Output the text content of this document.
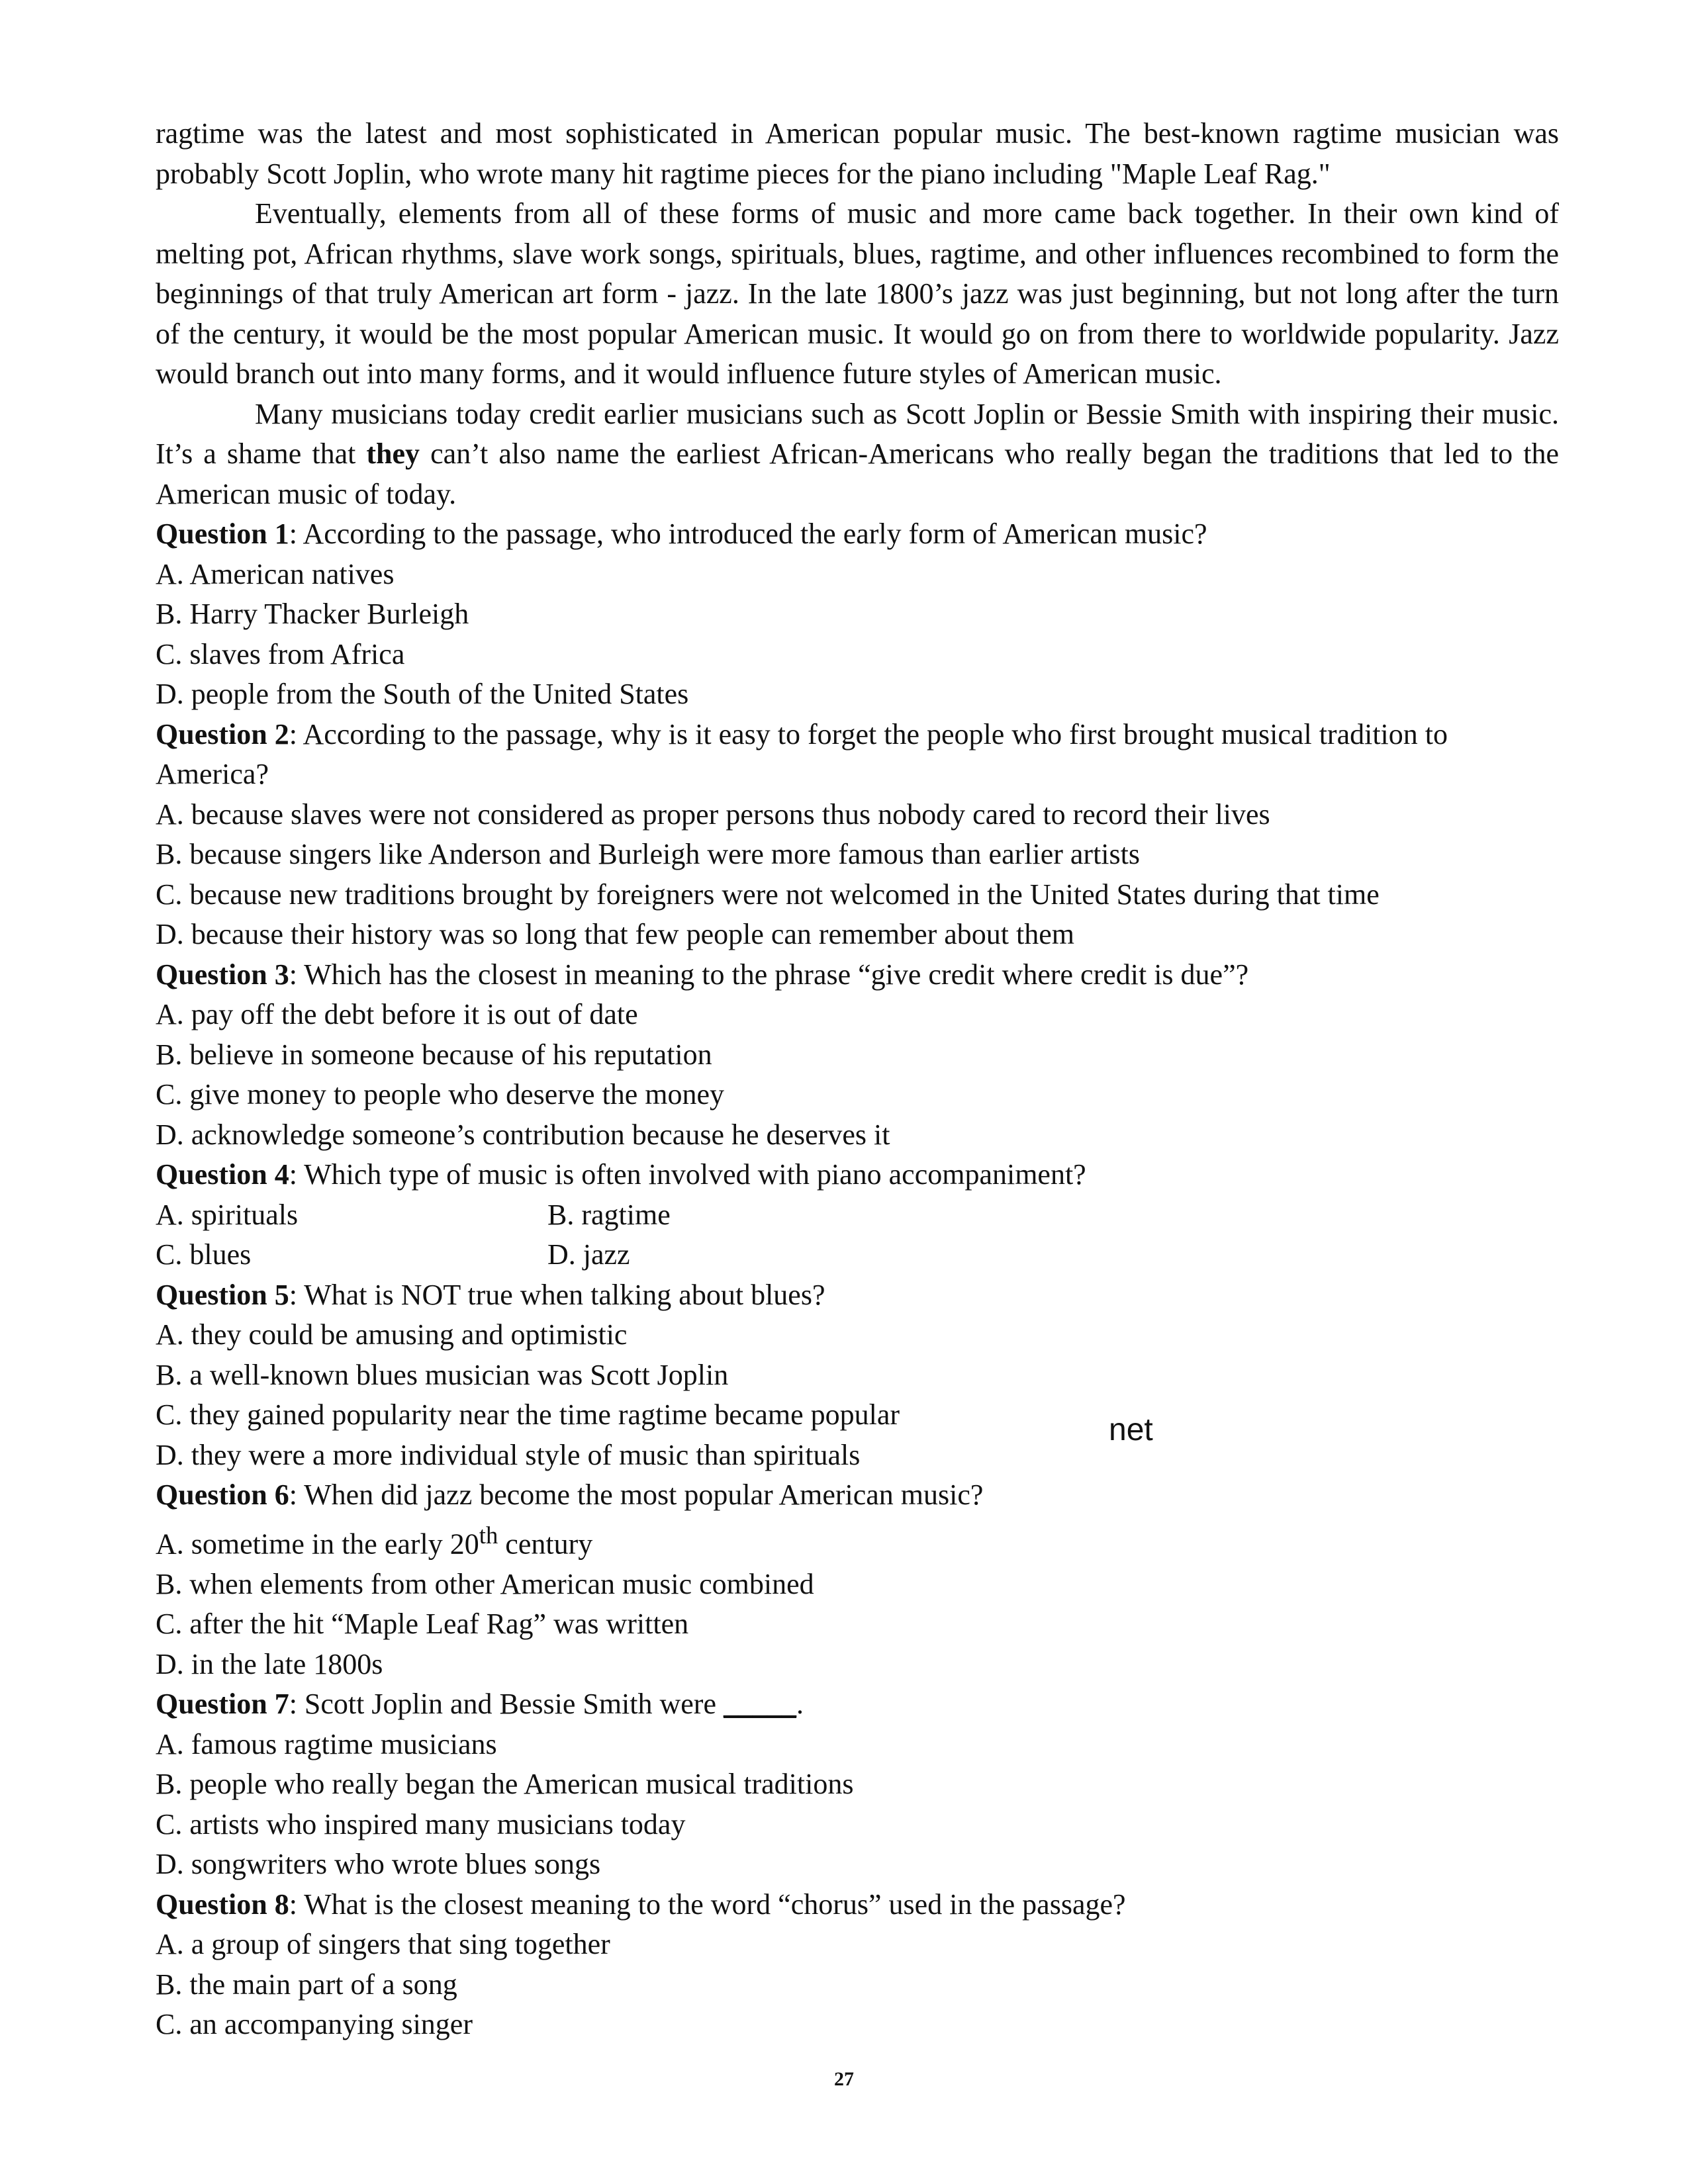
ragtime was the latest and most sophisticated in American popular music. The best-known ragtime musician was probably Scott Joplin, who wrote many hit ragtime pieces for the piano including "Maple Leaf Rag."

Eventually, elements from all of these forms of music and more came back together. In their own kind of melting pot, African rhythms, slave work songs, spirituals, blues, ragtime, and other influences recombined to form the beginnings of that truly American art form - jazz. In the late 1800’s jazz was just beginning, but not long after the turn of the century, it would be the most popular American music. It would go on from there to worldwide popularity. Jazz would branch out into many forms, and it would influence future styles of American music.

Many musicians today credit earlier musicians such as Scott Joplin or Bessie Smith with inspiring their music. It’s a shame that they can’t also name the earliest African-Americans who really began the traditions that led to the American music of today.

Question 1: According to the passage, who introduced the early form of American music?

A. American natives

B. Harry Thacker Burleigh

C. slaves from Africa

D. people from the South of the United States

Question 2: According to the passage, why is it easy to forget the people who first brought musical tradition to America?

A. because slaves were not considered as proper persons thus nobody cared to record their lives

B. because singers like Anderson and Burleigh were more famous than earlier artists

C. because new traditions brought by foreigners were not welcomed in the United States during that time

D. because their history was so long that few people can remember about them

Question 3: Which has the closest in meaning to the phrase “give credit where credit is due”?

A. pay off the debt before it is out of date

B. believe in someone because of his reputation

C. give money to people who deserve the money

D. acknowledge someone’s contribution because he deserves it

Question 4: Which type of music is often involved with piano accompaniment?

A. spirituals	B. ragtime
C. blues	D. jazz

Question 5: What is NOT true when talking about blues?

A. they could be amusing and optimistic

B. a well-known blues musician was Scott Joplin

C. they gained popularity near the time ragtime became popular

D. they were a more individual style of music than spirituals

Question 6: When did jazz become the most popular American music?

A. sometime in the early 20th century

B. when elements from other American music combined

C. after the hit “Maple Leaf Rag” was written

D. in the late 1800s

Question 7: Scott Joplin and Bessie Smith were _____.

A. famous ragtime musicians

B. people who really began the American musical traditions

C. artists who inspired many musicians today

D. songwriters who wrote blues songs

Question 8: What is the closest meaning to the word “chorus” used in the passage?

A. a group of singers that sing together

B. the main part of a song

C. an accompanying singer

net
27
